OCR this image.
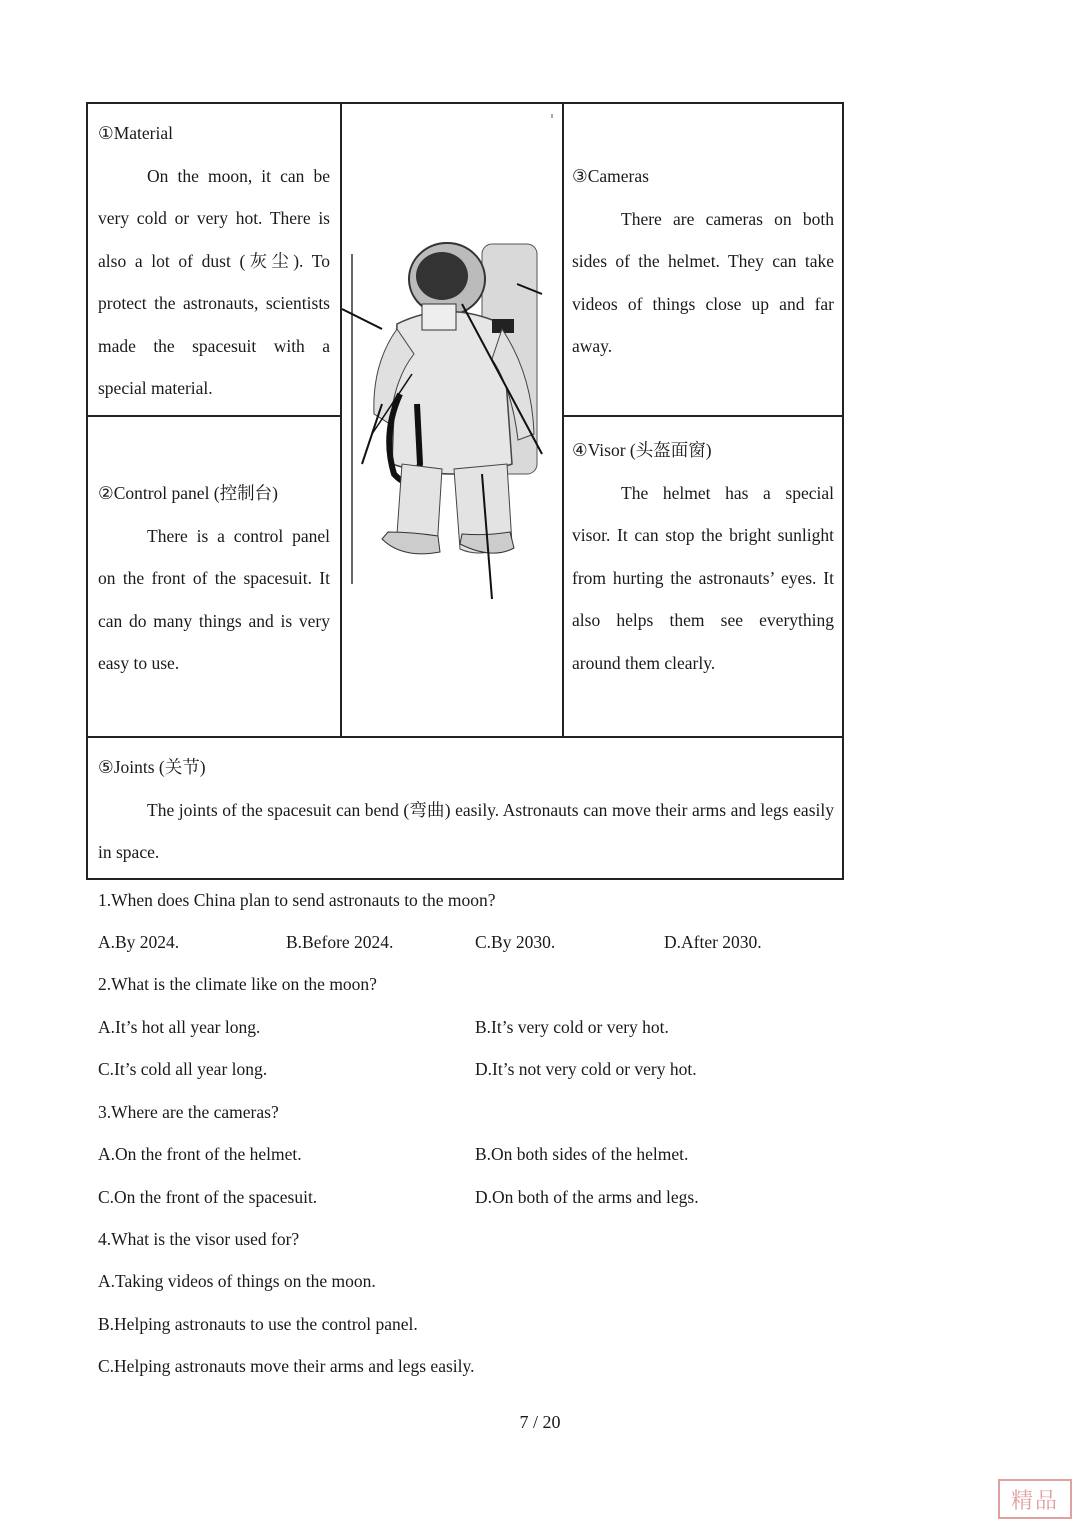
①Material
On the moon, it can be very cold or very hot. There is also a lot of dust (灰尘). To protect the astronauts, scientists made the spacesuit with a special material.
③Cameras
There are cameras on both sides of the helmet. They can take videos of things close up and far away.
②Control panel (控制台)
There is a control panel on the front of the spacesuit. It can do many things and is very easy to use.
④Visor (头盔面窗)
The helmet has a special visor. It can stop the bright sunlight from hurting the astronauts’ eyes. It also helps them see everything around them clearly.
⑤Joints (关节)
The joints of the spacesuit can bend (弯曲) easily. Astronauts can move their arms and legs easily in space.
1.When does China plan to send astronauts to the moon?
A.By 2024.	B.Before 2024.	C.By 2030.	D.After 2030.
2.What is the climate like on the moon?
A.It’s hot all year long.	B.It’s very cold or very hot.
C.It’s cold all year long.	D.It’s not very cold or very hot.
3.Where are the cameras?
A.On the front of the helmet.	B.On both sides of the helmet.
C.On the front of the spacesuit.	D.On both of the arms and legs.
4.What is the visor used for?
A.Taking videos of things on the moon.
B.Helping astronauts to use the control panel.
C.Helping astronauts move their arms and legs easily.
7 / 20
精品
